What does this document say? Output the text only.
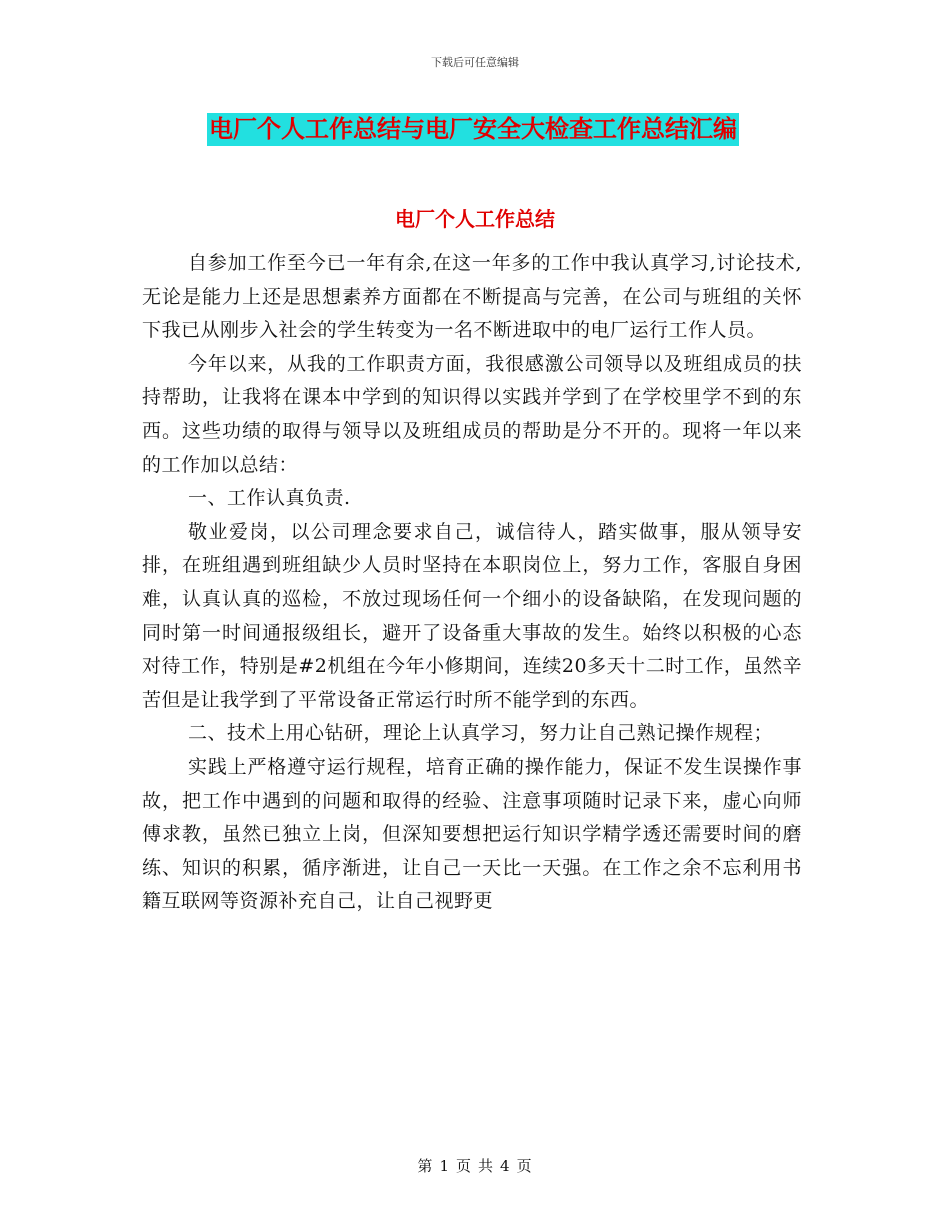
下载后可任意编辑
电厂个人工作总结与电厂安全大检查工作总结汇编
电厂个人工作总结

自参加工作至今已一年有余,在这一年多的工作中我认真学习,讨论技术,无论是能力上还是思想素养方面都在不断提高与完善，在公司与班组的关怀下我已从刚步入社会的学生转变为一名不断进取中的电厂运行工作人员。

今年以来，从我的工作职责方面，我很感激公司领导以及班组成员的扶持帮助，让我将在课本中学到的知识得以实践并学到了在学校里学不到的东西。这些功绩的取得与领导以及班组成员的帮助是分不开的。现将一年以来的工作加以总结：

一、工作认真负责.

敬业爱岗，以公司理念要求自己，诚信待人，踏实做事，服从领导安排，在班组遇到班组缺少人员时坚持在本职岗位上，努力工作，客服自身困难，认真认真的巡检，不放过现场任何一个细小的设备缺陷，在发现问题的同时第一时间通报级组长，避开了设备重大事故的发生。始终以积极的心态对待工作，特别是#2机组在今年小修期间，连续20多天十二时工作，虽然辛苦但是让我学到了平常设备正常运行时所不能学到的东西。

二、技术上用心钻研，理论上认真学习，努力让自己熟记操作规程；

实践上严格遵守运行规程，培育正确的操作能力，保证不发生误操作事故，把工作中遇到的问题和取得的经验、注意事项随时记录下来，虚心向师傅求教，虽然已独立上岗，但深知要想把运行知识学精学透还需要时间的磨练、知识的积累，循序渐进，让自己一天比一天强。在工作之余不忘利用书籍互联网等资源补充自己，让自己视野更

第 1 页 共 4 页
